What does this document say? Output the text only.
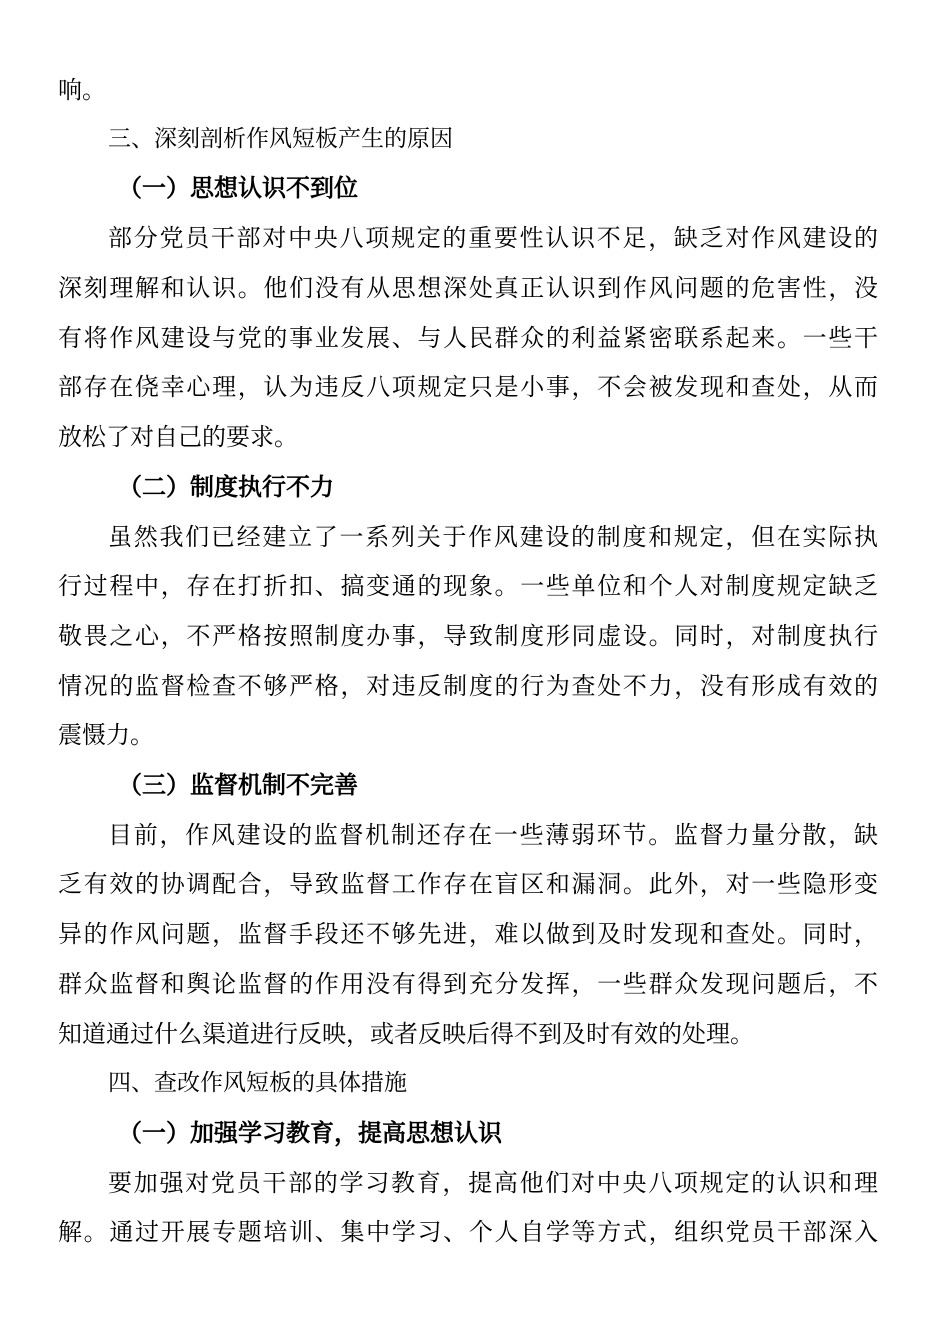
响。
三、深刻剖析作风短板产生的原因
（一）思想认识不到位
部分党员干部对中央八项规定的重要性认识不足，缺乏对作风建设的
深刻理解和认识。他们没有从思想深处真正认识到作风问题的危害性，没
有将作风建设与党的事业发展、与人民群众的利益紧密联系起来。一些干
部存在侥幸心理，认为违反八项规定只是小事，不会被发现和查处，从而
放松了对自己的要求。
（二）制度执行不力
虽然我们已经建立了一系列关于作风建设的制度和规定，但在实际执
行过程中，存在打折扣、搞变通的现象。一些单位和个人对制度规定缺乏
敬畏之心，不严格按照制度办事，导致制度形同虚设。同时，对制度执行
情况的监督检查不够严格，对违反制度的行为查处不力，没有形成有效的
震慑力。
（三）监督机制不完善
目前，作风建设的监督机制还存在一些薄弱环节。监督力量分散，缺
乏有效的协调配合，导致监督工作存在盲区和漏洞。此外，对一些隐形变
异的作风问题，监督手段还不够先进，难以做到及时发现和查处。同时，
群众监督和舆论监督的作用没有得到充分发挥，一些群众发现问题后，不
知道通过什么渠道进行反映，或者反映后得不到及时有效的处理。
四、查改作风短板的具体措施
（一）加强学习教育，提高思想认识
要加强对党员干部的学习教育，提高他们对中央八项规定的认识和理
解。通过开展专题培训、集中学习、个人自学等方式，组织党员干部深入
